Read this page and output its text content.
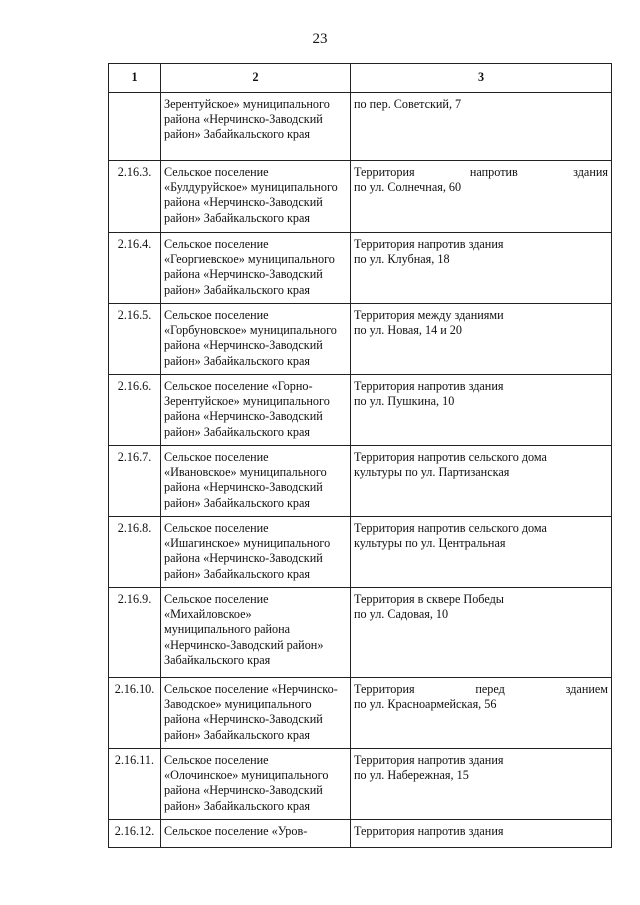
23
1	2	3

	Зерентуйское» муниципального
района «Нерчинско-Заводский
район» Забайкальского края	по пер. Советский, 7

2.16.3.	Сельское поселение
«Булдуруйское» муниципального
района «Нерчинско-Заводский
район» Забайкальского края	Территория напротив здания
по ул. Солнечная, 60

2.16.4.	Сельское поселение
«Георгиевское» муниципального
района «Нерчинско-Заводский
район» Забайкальского края	Территория напротив здания
по ул. Клубная, 18

2.16.5.	Сельское поселение
«Горбуновское» муниципального
района «Нерчинско-Заводский
район» Забайкальского края	Территория между зданиями
по ул. Новая, 14 и 20

2.16.6.	Сельское поселение «Горно-
Зерентуйское» муниципального
района «Нерчинско-Заводский
район» Забайкальского края	Территория напротив здания
по ул. Пушкина, 10

2.16.7.	Сельское поселение
«Ивановское» муниципального
района «Нерчинско-Заводский
район» Забайкальского края	Территория напротив сельского дома
культуры по ул. Партизанская

2.16.8.	Сельское поселение
«Ишагинское» муниципального
района «Нерчинско-Заводский
район» Забайкальского края	Территория напротив сельского дома
культуры по ул. Центральная

2.16.9.	Сельское поселение
«Михайловское»
муниципального района
«Нерчинско-Заводский район»
Забайкальского края	Территория в сквере Победы
по ул. Садовая, 10

2.16.10.	Сельское поселение «Нерчинско-
Заводское» муниципального
района «Нерчинско-Заводский
район» Забайкальского края	Территория перед зданием
по ул. Красноармейская, 56

2.16.11.	Сельское поселение
«Олочинское» муниципального
района «Нерчинско-Заводский
район» Забайкальского края	Территория напротив здания
по ул. Набережная, 15

2.16.12.	Сельское поселение «Уров-	Территория напротив здания
